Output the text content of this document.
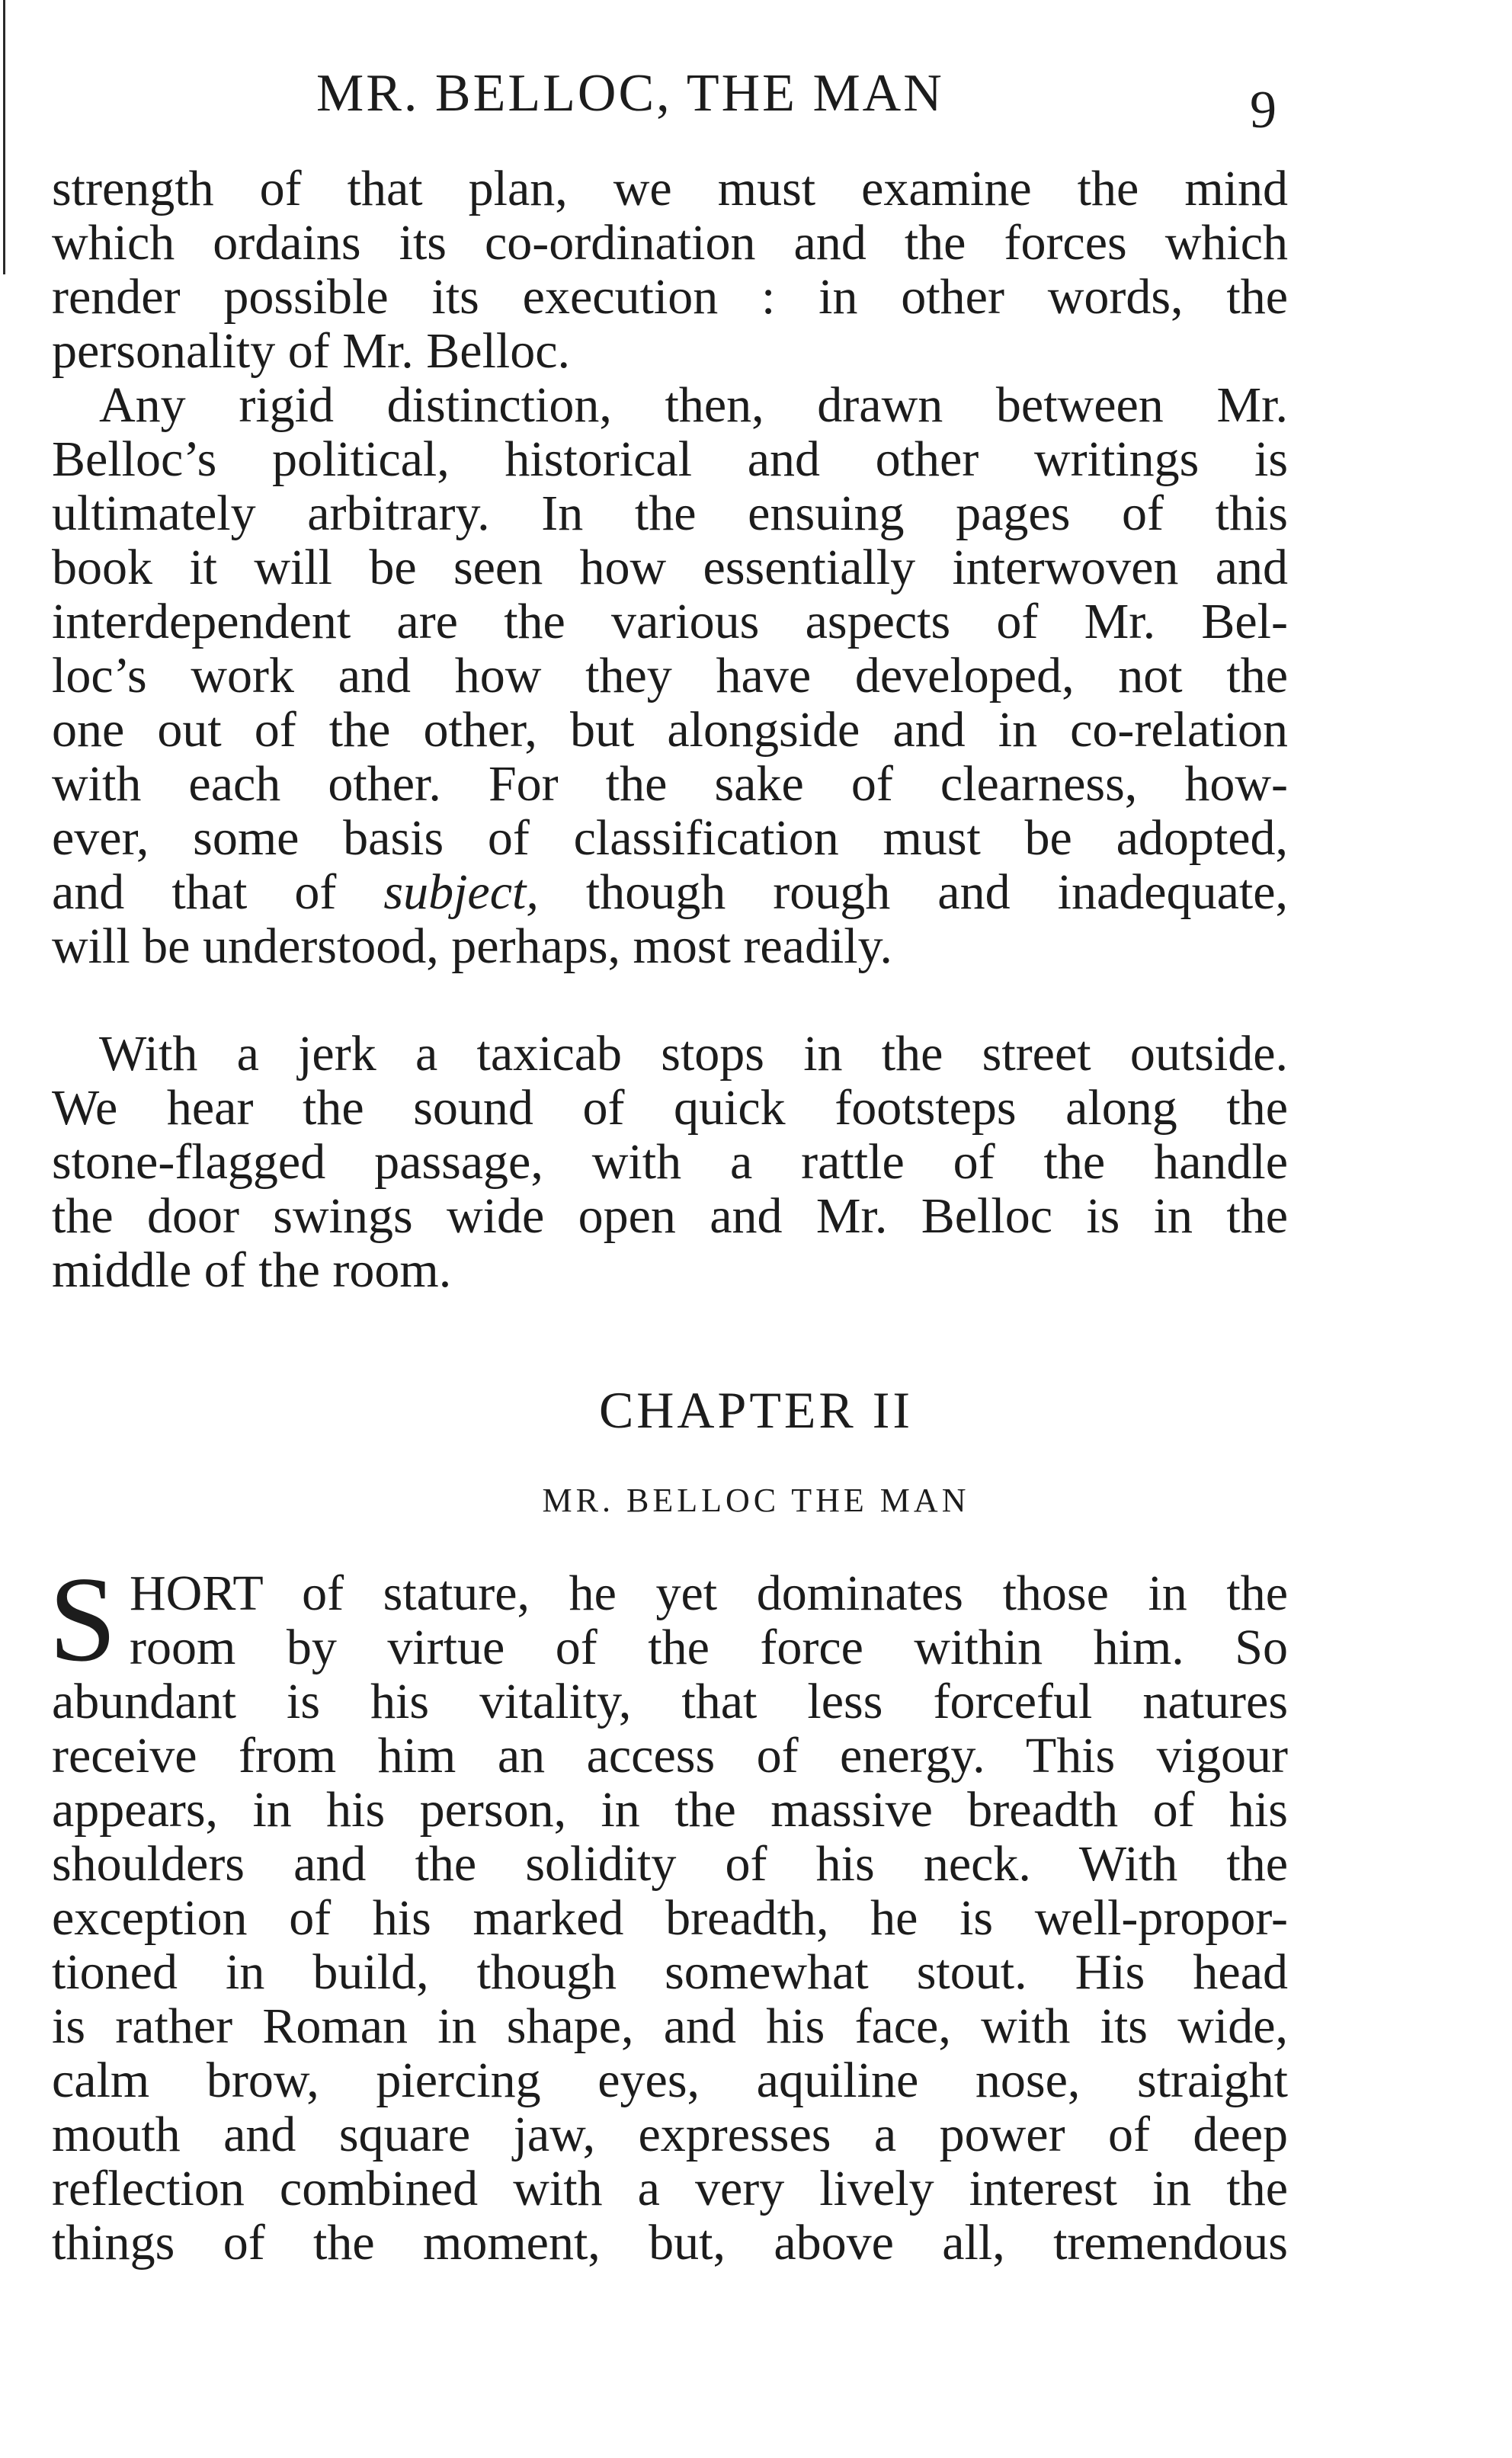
MR. BELLOC, THE MAN	9
strength of that plan, we must examine the mind
which ordains its co-ordination and the forces which
render possible its execution : in other words, the
personality of Mr. Belloc.
Any rigid distinction, then, drawn between Mr.
Belloc’s political, historical and other writings is
ultimately arbitrary. In the ensuing pages of this
book it will be seen how essentially interwoven and
interdependent are the various aspects of Mr. Bel-
loc’s work and how they have developed, not the
one out of the other, but alongside and in co-relation
with each other. For the sake of clearness, how-
ever, some basis of classification must be adopted,
and that of subject, though rough and inadequate,
will be understood, perhaps, most readily.
With a jerk a taxicab stops in the street outside.
We hear the sound of quick footsteps along the
stone-flagged passage, with a rattle of the handle
the door swings wide open and Mr. Belloc is in the
middle of the room.
CHAPTER II
MR. BELLOC THE MAN
S HORT of stature, he yet dominates those in the
room by virtue of the force within him. So
abundant is his vitality, that less forceful natures
receive from him an access of energy. This vigour
appears, in his person, in the massive breadth of his
shoulders and the solidity of his neck. With the
exception of his marked breadth, he is well-propor-
tioned in build, though somewhat stout. His head
is rather Roman in shape, and his face, with its wide,
calm brow, piercing eyes, aquiline nose, straight
mouth and square jaw, expresses a power of deep
reflection combined with a very lively interest in the
things of the moment, but, above all, tremendous
